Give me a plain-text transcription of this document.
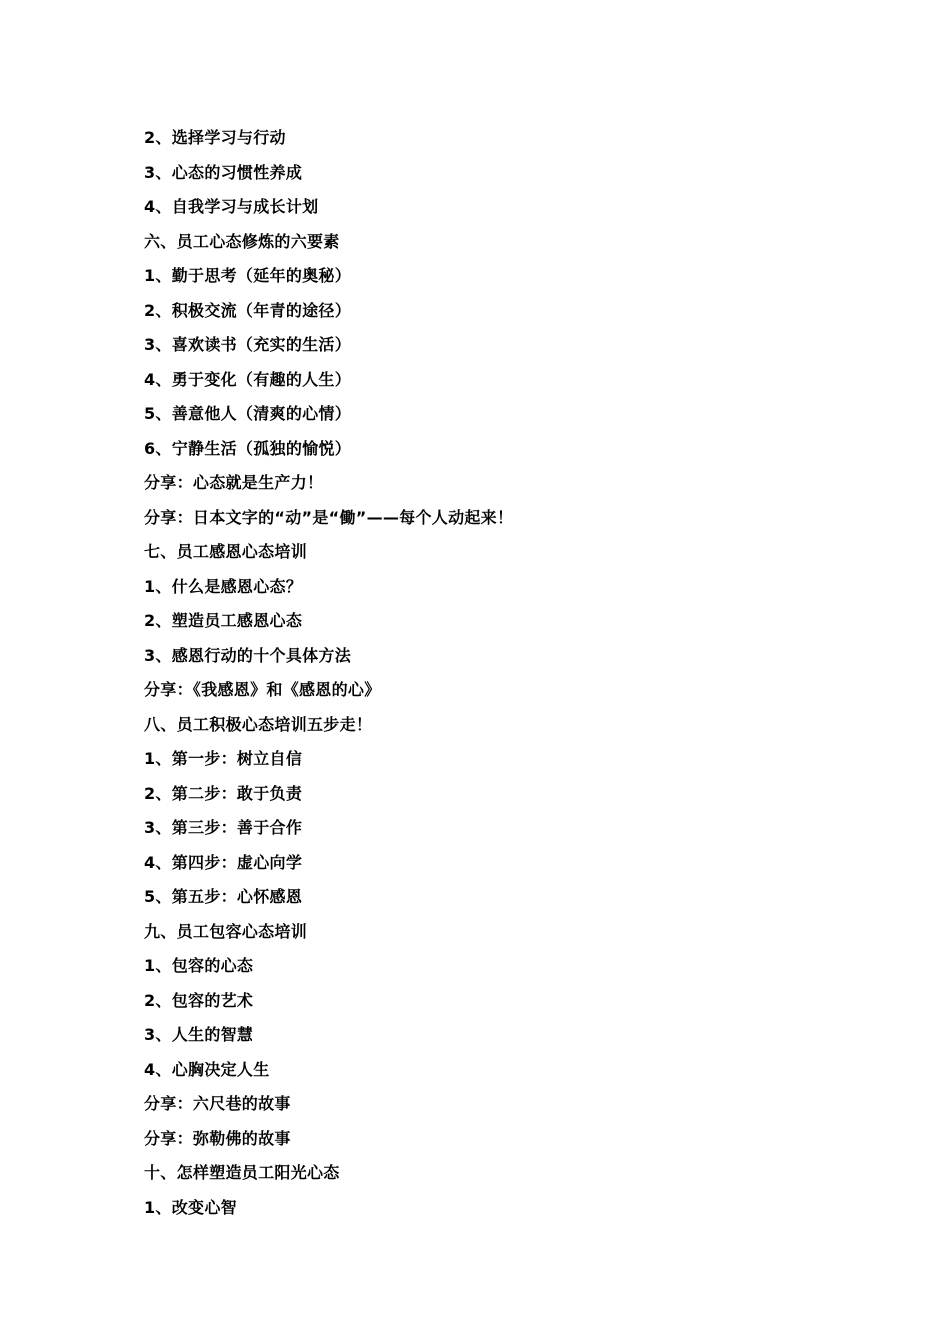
2、选择学习与行动
3、心态的习惯性养成
4、自我学习与成长计划
六、员工心态修炼的六要素
1、勤于思考（延年的奥秘）
2、积极交流（年青的途径）
3、喜欢读书（充实的生活）
4、勇于变化（有趣的人生）
5、善意他人（清爽的心情）
6、宁静生活（孤独的愉悦）
分享：心态就是生产力！
分享：日本文字的“动”是“働”——每个人动起来！
七、员工感恩心态培训
1、什么是感恩心态？
2、塑造员工感恩心态
3、感恩行动的十个具体方法
分享：《我感恩》和《感恩的心》
八、员工积极心态培训五步走！
1、第一步：树立自信
2、第二步：敢于负责
3、第三步：善于合作
4、第四步：虚心向学
5、第五步：心怀感恩
九、员工包容心态培训
1、包容的心态
2、包容的艺术
3、人生的智慧
4、心胸决定人生
分享：六尺巷的故事
分享：弥勒佛的故事
十、怎样塑造员工阳光心态
1、改变心智
